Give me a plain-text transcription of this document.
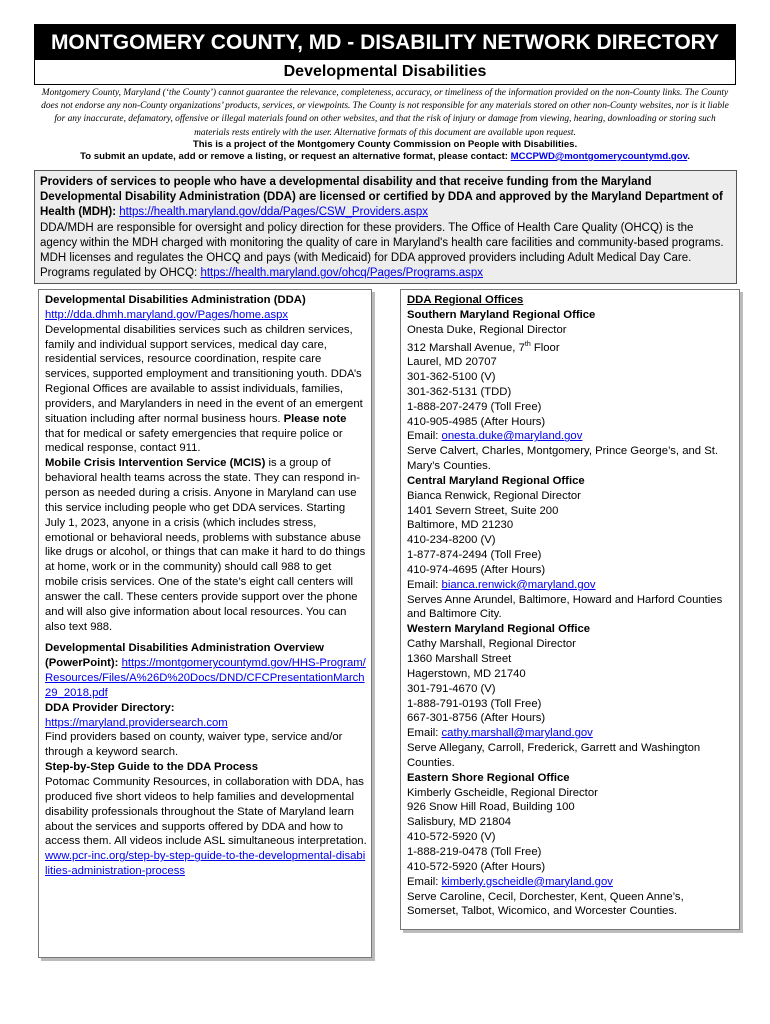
MONTGOMERY COUNTY, MD - DISABILITY NETWORK DIRECTORY
Developmental Disabilities
Montgomery County, Maryland (‘the County’) cannot guarantee the relevance, completeness, accuracy, or timeliness of the information provided on the non-County links. The County does not endorse any non-County organizations’ products, services, or viewpoints. The County is not responsible for any materials stored on other non-County websites, nor is it liable for any inaccurate, defamatory, offensive or illegal materials found on other websites, and that the risk of injury or damage from viewing, hearing, downloading or storing such materials rests entirely with the user. Alternative formats of this document are available upon request.
This is a project of the Montgomery County Commission on People with Disabilities.
To submit an update, add or remove a listing, or request an alternative format, please contact: MCCPWD@montgomerycountymd.gov.
Providers of services to people who have a developmental disability and that receive funding from the Maryland Developmental Disability Administration (DDA) are licensed or certified by DDA and approved by the Maryland Department of Health (MDH): https://health.maryland.gov/dda/Pages/CSW_Providers.aspx
DDA/MDH are responsible for oversight and policy direction for these providers. The Office of Health Care Quality (OHCQ) is the agency within the MDH charged with monitoring the quality of care in Maryland's health care facilities and community-based programs. MDH licenses and regulates the OHCQ and pays (with Medicaid) for DDA approved providers including Adult Medical Day Care. Programs regulated by OHCQ: https://health.maryland.gov/ohcq/Pages/Programs.aspx
Developmental Disabilities Administration (DDA)
http://dda.dhmh.maryland.gov/Pages/home.aspx

Developmental disabilities services such as children services, family and individual support services, medical day care, residential services, resource coordination, respite care services, supported employment and transitioning youth. DDA’s Regional Offices are available to assist individuals, families, providers, and Marylanders in need in the event of an emergent situation including after normal business hours. Please note that for medical or safety emergencies that require police or medical response, contact 911.

Mobile Crisis Intervention Service (MCIS) is a group of behavioral health teams across the state. They can respond in-person as needed during a crisis. Anyone in Maryland can use this service including people who get DDA services. Starting July 1, 2023, anyone in a crisis (which includes stress, emotional or behavioral needs, problems with substance abuse like drugs or alcohol, or things that can make it hard to do things at home, work or in the community) should call 988 to get mobile crisis services. One of the state’s eight call centers will answer the call. These centers provide support over the phone and will also give information about local resources. You can also text 988.

Developmental Disabilities Administration Overview (PowerPoint): https://montgomerycountymd.gov/HHS-Program/Resources/Files/A%26D%20Docs/DND/CFCPresentationMarch29_2018.pdf

DDA Provider Directory:
https://maryland.providersearch.com

Find providers based on county, waiver type, service and/or through a keyword search.

Step-by-Step Guide to the DDA Process

Potomac Community Resources, in collaboration with DDA, has produced five short videos to help families and developmental disability professionals throughout the State of Maryland learn about the services and supports offered by DDA and how to access them. All videos include ASL simultaneous interpretation.

www.pcr-inc.org/step-by-step-guide-to-the-developmental-disabilities-administration-process

DDA Regional Offices
Southern Maryland Regional Office
Onesta Duke, Regional Director
312 Marshall Avenue, 7th Floor
Laurel, MD 20707
301-362-5100 (V)
301-362-5131 (TDD)
1-888-207-2479 (Toll Free)
410-905-4985 (After Hours)
Email: onesta.duke@maryland.gov
Serve Calvert, Charles, Montgomery, Prince George’s, and St. Mary’s Counties.
Central Maryland Regional Office
Bianca Renwick, Regional Director
1401 Severn Street, Suite 200
Baltimore, MD 21230
410-234-8200 (V)
1-877-874-2494 (Toll Free)
410-974-4695 (After Hours)
Email: bianca.renwick@maryland.gov
Serves Anne Arundel, Baltimore, Howard and Harford Counties and Baltimore City.
Western Maryland Regional Office
Cathy Marshall, Regional Director
1360 Marshall Street
Hagerstown, MD 21740
301-791-4670 (V)
1-888-791-0193 (Toll Free)
667-301-8756 (After Hours)
Email: cathy.marshall@maryland.gov
Serve Allegany, Carroll, Frederick, Garrett and Washington Counties.
Eastern Shore Regional Office
Kimberly Gscheidle, Regional Director
926 Snow Hill Road, Building 100
Salisbury, MD 21804
410-572-5920 (V)
1-888-219-0478 (Toll Free)
410-572-5920 (After Hours)
Email: kimberly.gscheidle@maryland.gov
Serve Caroline, Cecil, Dorchester, Kent, Queen Anne’s, Somerset, Talbot, Wicomico, and Worcester Counties.
